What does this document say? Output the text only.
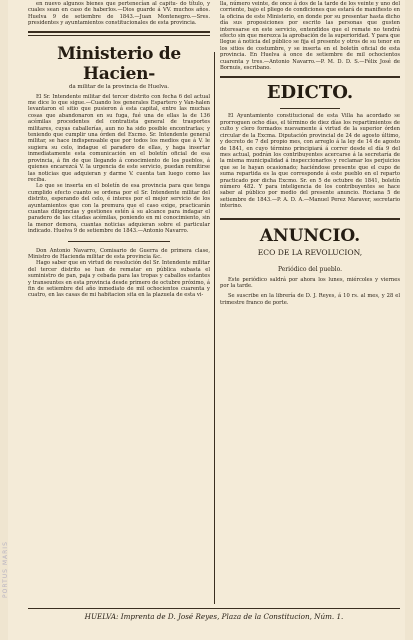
en nuevo algunos bienes que pertenecían al capitu- do título, y cuales sean en caso de haberlos.—Dios guarde á VV. muchos años. Huelva 9 de setiembre de 1843.—Juan Montenegro.—Sres. presidentes y ayuntamientos constitucionales de esta provincia.

Ministerio de Hacien-

da militar de la provincia de Huelva.

El Sr. Intendente militar del tercer distrito con fecha 6 del actual me dice lo que sigue.—Cuando los generales Espartero y Van-halen levantaron el sitio que pusieron á esta capital, entre las muchas cosas que abandonaron en su fuga, fué una de ellas la de 136 acémilas procedentes del contratista general de trasportes militares, cuyas caballerías, aun no ha sido posible encontrarlas; y teniendo que cumplir una órden del Excmo. Sr. Intendente general militar, se hace indispensable que por todos los medios que á V. le sugiera su celo, indague el paradero de ellas, y haga insertar inmediatamente esta comunicación en el boletín oficial de esa provincia, á fin de que llegando á conocimiento de los pueblos, á quienes encarezcá V. la urgencia de este servicio, puedan remitirse las noticias que adquieran y darme V. cuenta tan luego como las reciba.

Lo que se inserta en el boletín de esa provincia para que tenga cumplido efecto cuanto se ordena por el Sr. Intendente militar del distrito, esperando del celo, é interes por el mejor servicio de los ayuntamientos que con la premura que el caso exige, practicarán cuantas diligencias y gestiones estén á su alcance para indagar el paradero de las citadas acémilas, poniendo en mi conocimiento, sin la menor demora, cuantas noticias adquieran sobre el particular indicado. Huelva 9 de setiembre de 1843.—Antonio Navarro.

Don Antonio Navarro, Comisario de Guerra de primera clase, Ministro de Hacienda militar de esta provincia &c.

Hago saber que en virtud de resolución del Sr. Intendente militar del tercer distrito se han de rematar en pública subasta el suministro de pan, paja y cebada para las tropas y caballos estantes y transeuntes en esta provincia desde primero de octubre próximo, á fin de setiembre del año inmediato de mil ochocientos cuarenta y cuatro, en las casas de mi habitacion sita en la plazuela de esta vi-

lla, número veinte, de once á dos de la tarde de los veinte y uno del corriente, bajo el pliego de condiciones que estará de manifiesto en la oficina de este Ministerio, en donde por su presentar hasta dicho día sus proposiciones por escrito las personas que gusten interesarse en este servicio, entendidos que el remate no tendrá efecto sin que merezca la aprobación de la superioridad. Y para que llegue á noticia del público se fija el presente y otros de su tenor en los sitios de costumbre, y se inserta en el boletín oficial de esta provincia. En Huelva á once de setiembre de mil ochocientos cuarenta y tres.—Antonio Navarro.—P. M. D. D. S.—Félix José de Bornuis, escribano.

EDICTO.

El Ayuntamiento constitucional de esta Villa ha acordado se prorroguen ocho días, el término de diez días los repartimientos de culto y clero formados nuevamente á virtud de la superior órden circular de la Excma. Diputación provincial de 24 de agosto último, y decreto de 7 del propio mes, con arreglo á la ley de 14 de agosto de 1841, en cuyo término principiará á correr desde el día 9 del mes actual, podrán los contribuyentes acercarse á la secretaría de la misma municipalidad á inspeccionarlos y reclamar los perjuicios que se le hayan ocasionado; haciéndose presente que el cupo de suma repartida es la que corresponde á este pueblo en el reparto practicado por dicha Excmo. Sr. en 5 de octubre de 1841, boletín número 482. Y para inteligencia de los contribuyentes se hace saber al público por medio del presente anuncio. Rociana 5 de setiembre de 1843.—P. A. D. A.—Manuel Perez Maraver, secretario interino.

ANUNCIO.

ECO DE LA REVOLUCION,

Periódico del pueblo.

Este periódico saldrá por ahora los lunes, miércoles y viernes por la tarde.

Se suscribe en la librería de D. J. Reyes, á 10 rs. al mes, y 28 el trimestre franco de porte.

HUELVA: Imprenta de D. José Reyes, Plaza de la Constitucion, Núm. 1.
PORTUS MARIS
